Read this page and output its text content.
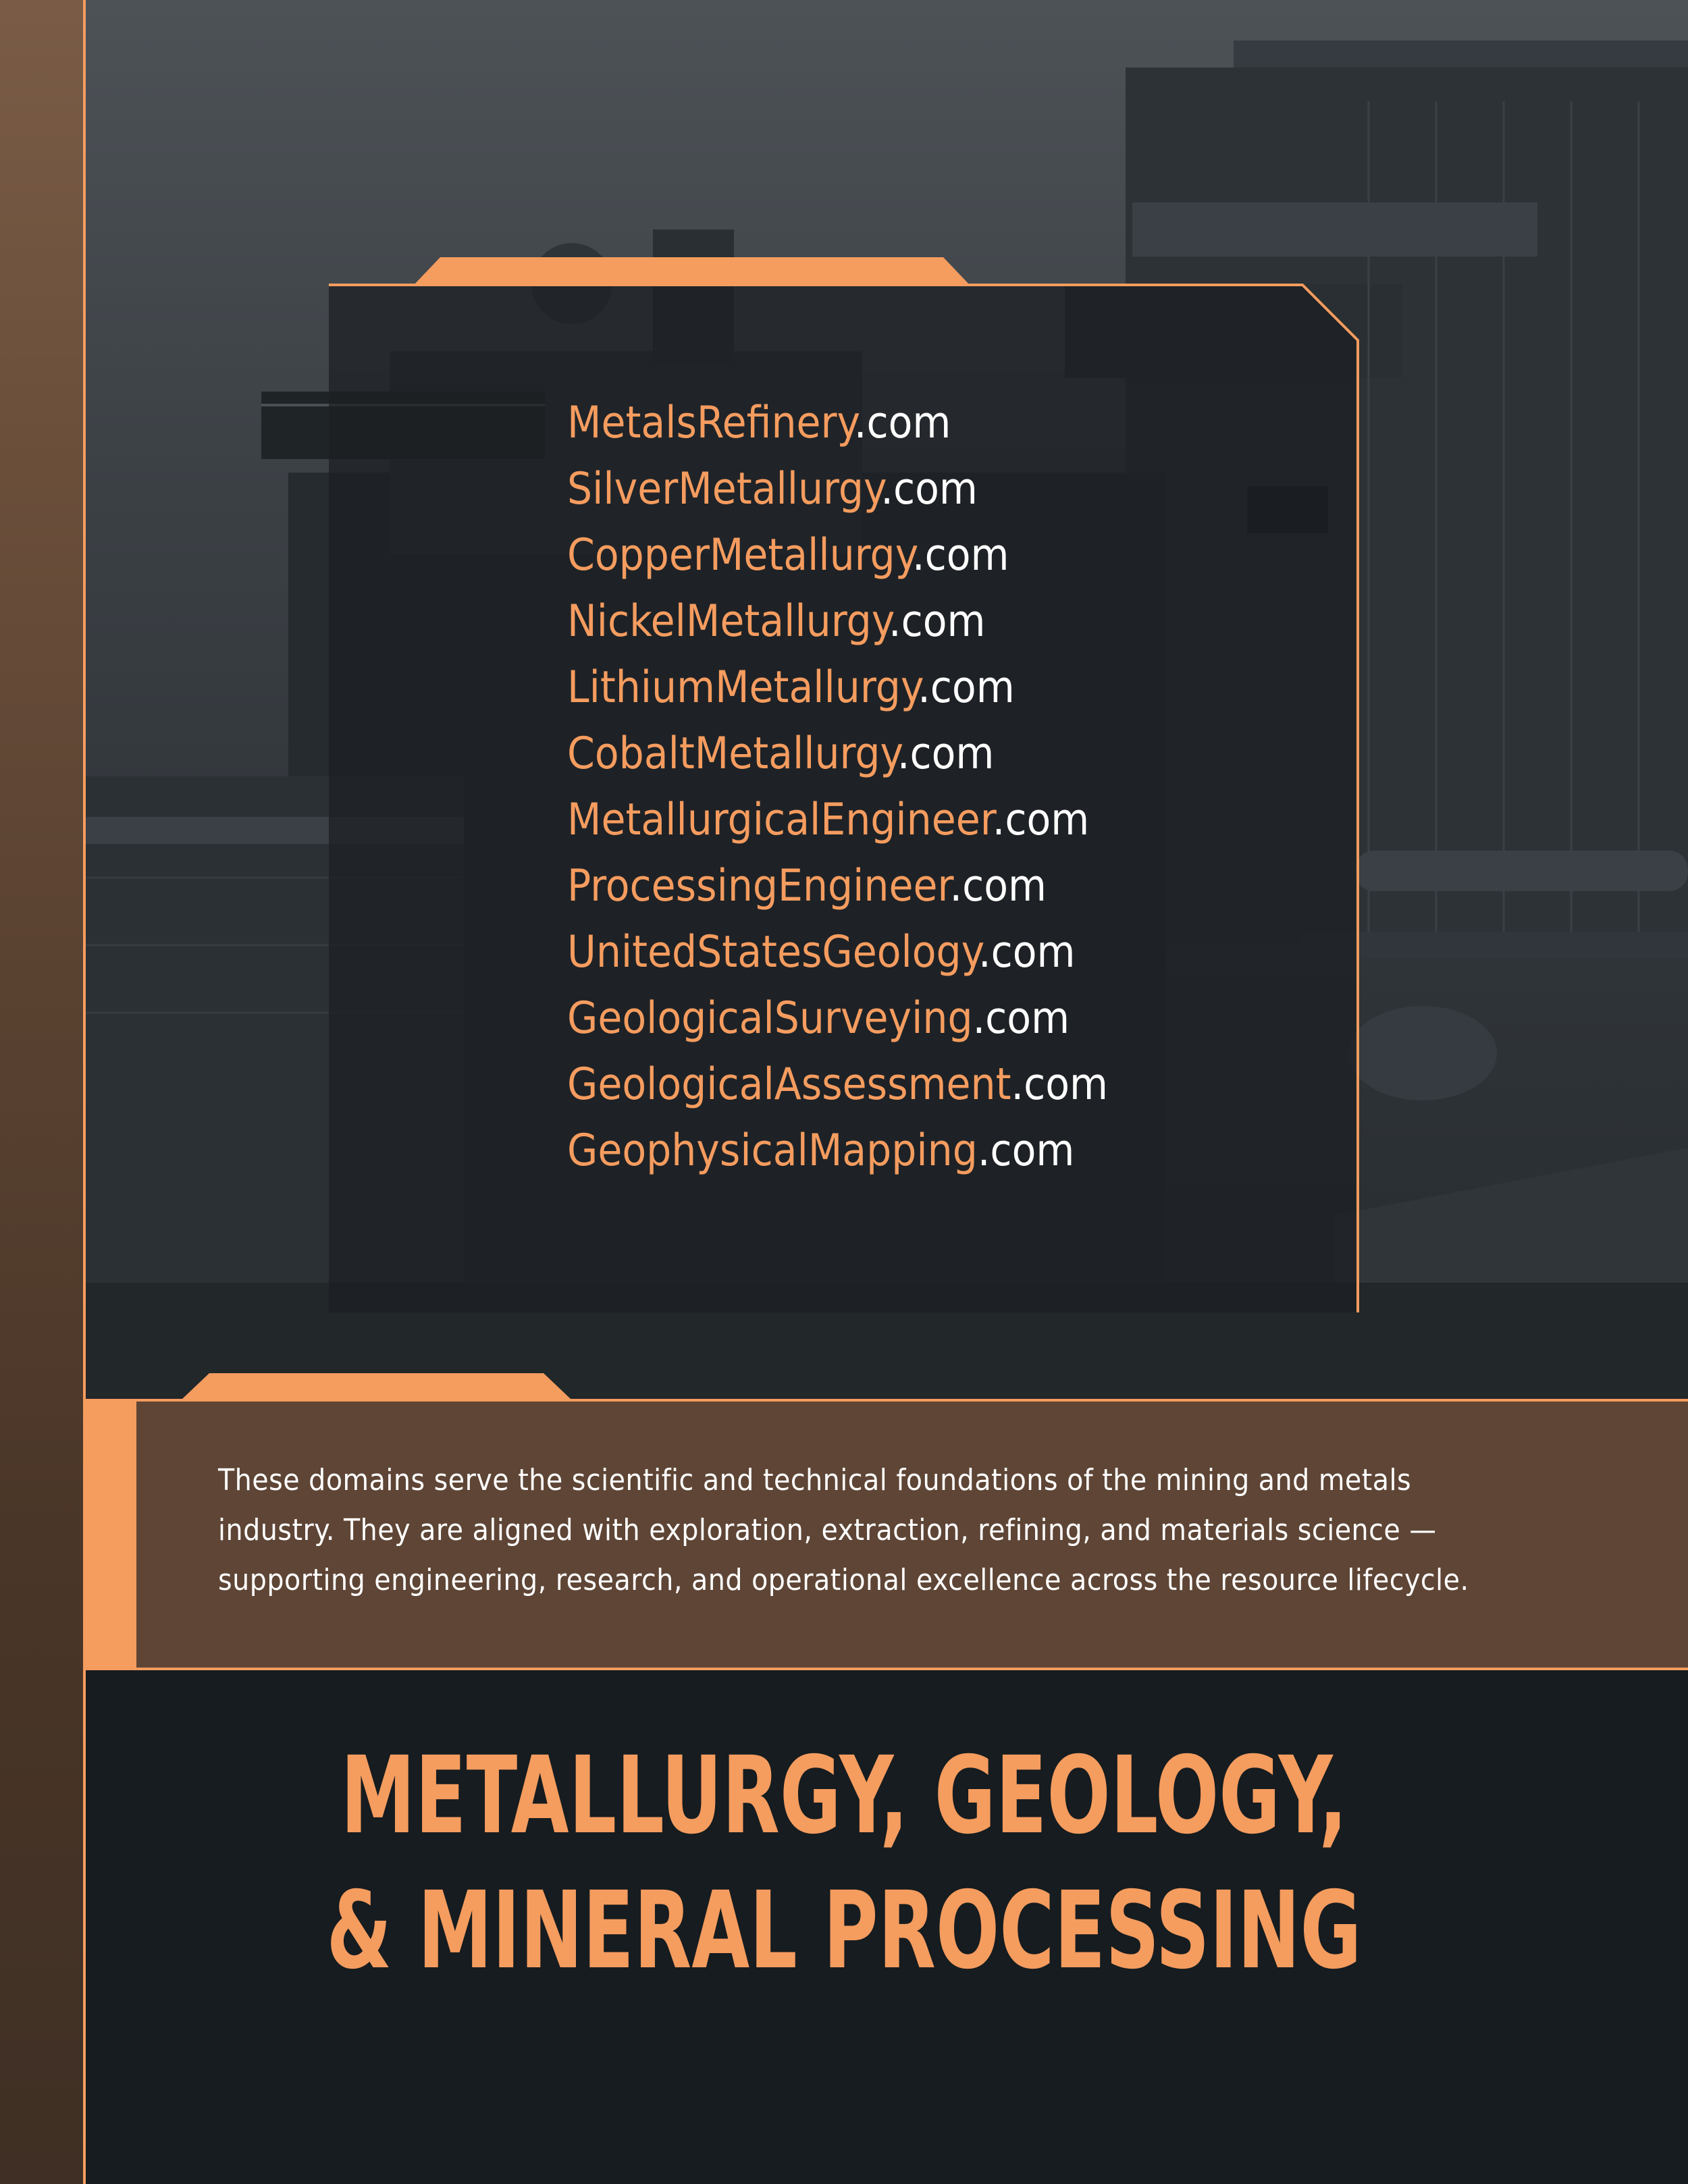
MetalsRefinery.com
SilverMetallurgy.com
CopperMetallurgy.com
NickelMetallurgy.com
LithiumMetallurgy.com
CobaltMetallurgy.com
MetallurgicalEngineer.com
ProcessingEngineer.com
UnitedStatesGeology.com
GeologicalSurveying.com
GeologicalAssessment.com
GeophysicalMapping.com

These domains serve the scientific and technical foundations of the mining and metals
industry. They are aligned with exploration, extraction, refining, and materials science —
supporting engineering, research, and operational excellence across the resource lifecycle.

METALLURGY, GEOLOGY,
& MINERAL PROCESSING
